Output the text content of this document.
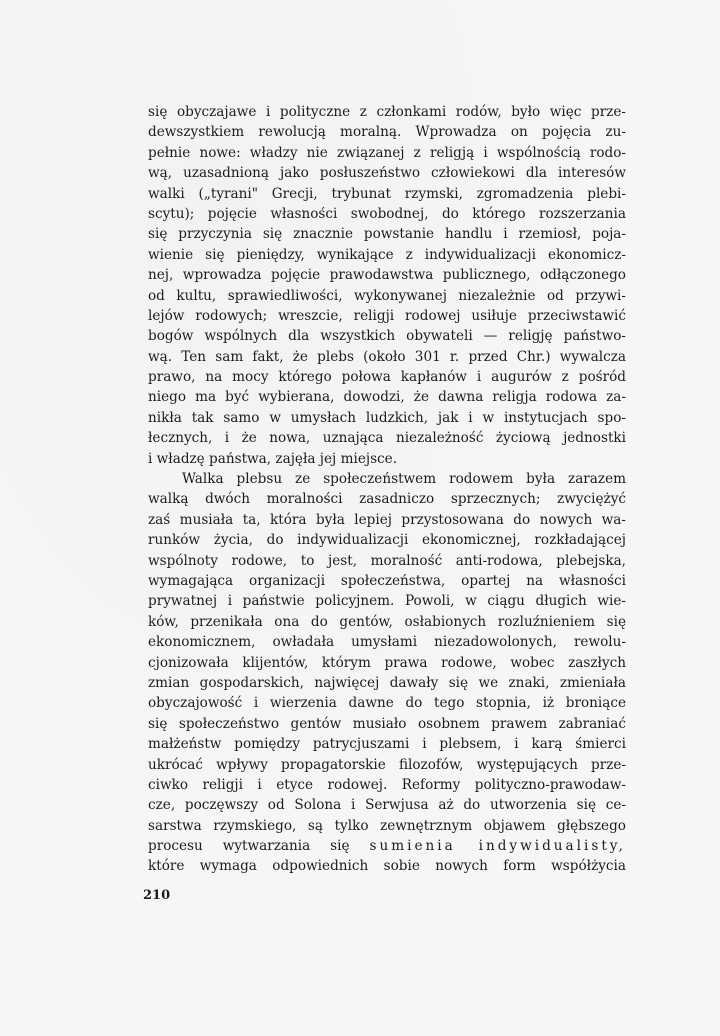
się obyczajawe i polityczne z członkami rodów, było więc prze-
dewszystkiem rewolucją moralną. Wprowadza on pojęcia zu-
pełnie nowe: władzy nie związanej z religją i wspólnością rodo-
wą, uzasadnioną jako posłuszeństwo człowiekowi dla interesów
walki („tyrani" Grecji, trybunat rzymski, zgromadzenia plebi-
scytu); pojęcie własności swobodnej, do którego rozszerzania
się przyczynia się znacznie powstanie handlu i rzemiosł, poja-
wienie się pieniędzy, wynikające z indywidualizacji ekonomicz-
nej, wprowadza pojęcie prawodawstwa publicznego, odłączonego
od kultu, sprawiedliwości, wykonywanej niezależnie od przywi-
lejów rodowych; wreszcie, religji rodowej usiłuje przeciwstawić
bogów wspólnych dla wszystkich obywateli — religję państwo-
wą. Ten sam fakt, że plebs (około 301 r. przed Chr.) wywalcza
prawo, na mocy którego połowa kapłanów i augurów z pośród
niego ma być wybierana, dowodzi, że dawna religja rodowa za-
nikła tak samo w umysłach ludzkich, jak i w instytucjach spo-
łecznych, i że nowa, uznająca niezależność życiową jednostki
i władzę państwa, zajęła jej miejsce.
Walka plebsu ze społeczeństwem rodowem była zarazem
walką dwóch moralności zasadniczo sprzecznych; zwyciężyć
zaś musiała ta, która była lepiej przystosowana do nowych wa-
runków życia, do indywidualizacji ekonomicznej, rozkładającej
wspólnoty rodowe, to jest, moralność anti-rodowa, plebejska,
wymagająca organizacji społeczeństwa, opartej na własności
prywatnej i państwie policyjnem. Powoli, w ciągu długich wie-
ków, przenikała ona do gentów, osłabionych rozluźnieniem się
ekonomicznem, owładała umysłami niezadowolonych, rewolu-
cjonizowała klijentów, którym prawa rodowe, wobec zaszłych
zmian gospodarskich, najwięcej dawały się we znaki, zmieniała
obyczajowość i wierzenia dawne do tego stopnia, iż broniące
się społeczeństwo gentów musiało osobnem prawem zabraniać
małżeństw pomiędzy patrycjuszami i plebsem, i karą śmierci
ukrócać wpływy propagatorskie filozofów, występujących prze-
ciwko religji i etyce rodowej. Reformy polityczno-prawodaw-
cze, poczęwszy od Solona i Serwjusa aż do utworzenia się ce-
sarstwa rzymskiego, są tylko zewnętrznym objawem głębszego
procesu wytwarzania się sumienia indywidualisty,
które wymaga odpowiednich sobie nowych form współżycia
210
